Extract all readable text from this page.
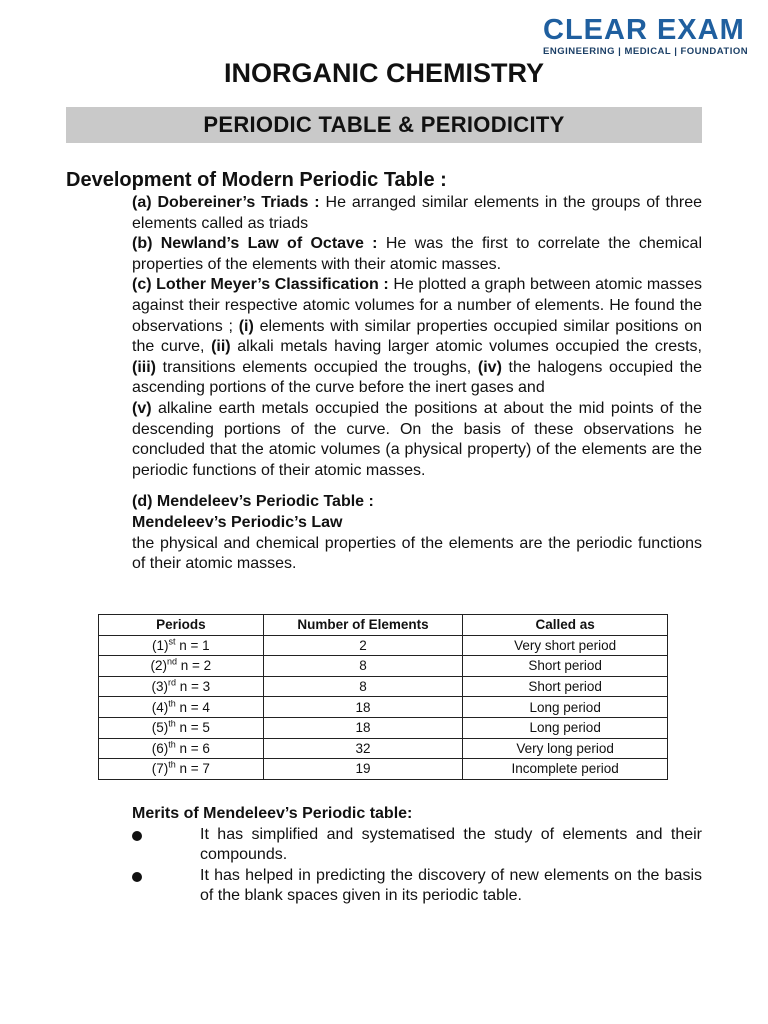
CLEAR EXAM
ENGINEERING | MEDICAL | FOUNDATION
INORGANIC CHEMISTRY
PERIODIC TABLE & PERIODICITY
Development of Modern Periodic Table :

(a) Dobereiner’s Triads : He arranged similar elements in the groups of three elements called as triads

(b) Newland’s Law of Octave : He was the first to correlate the chemical properties of the elements with their atomic masses.

(c) Lother Meyer’s Classification : He plotted a graph between atomic masses against their respective atomic volumes for a number of elements. He found the observations ; (i) elements with similar properties occupied similar positions on the curve, (ii) alkali metals having larger atomic volumes occupied the crests, (iii) transitions elements occupied the troughs, (iv) the halogens occupied the ascending portions of the curve before the inert gases and

(v) alkaline earth metals occupied the positions at about the mid points of the descending portions of the curve. On the basis of these observations he concluded that the atomic volumes (a physical property) of the elements are the periodic functions of their atomic masses.

(d) Mendeleev’s Periodic Table :

Mendeleev’s Periodic’s Law

the physical and chemical properties of the elements are the periodic functions of their atomic masses.

Periods	Number of Elements	Called as
$(1)^{st}$ n = 1	2	Very short period
$(2)^{nd}$ n = 2	8	Short period
$(3)^{rd}$ n = 3	8	Short period
$(4)^{th}$ n = 4	18	Long period
$(5)^{th}$ n = 5	18	Long period
$(6)^{th}$ n = 6	32	Very long period
$(7)^{th}$ n = 7	19	Incomplete period

Merits of Mendeleev’s Periodic table:

It has simplified and systematised the study of elements and their compounds.
It has helped in predicting the discovery of new elements on the basis of the blank spaces given in its periodic table.
